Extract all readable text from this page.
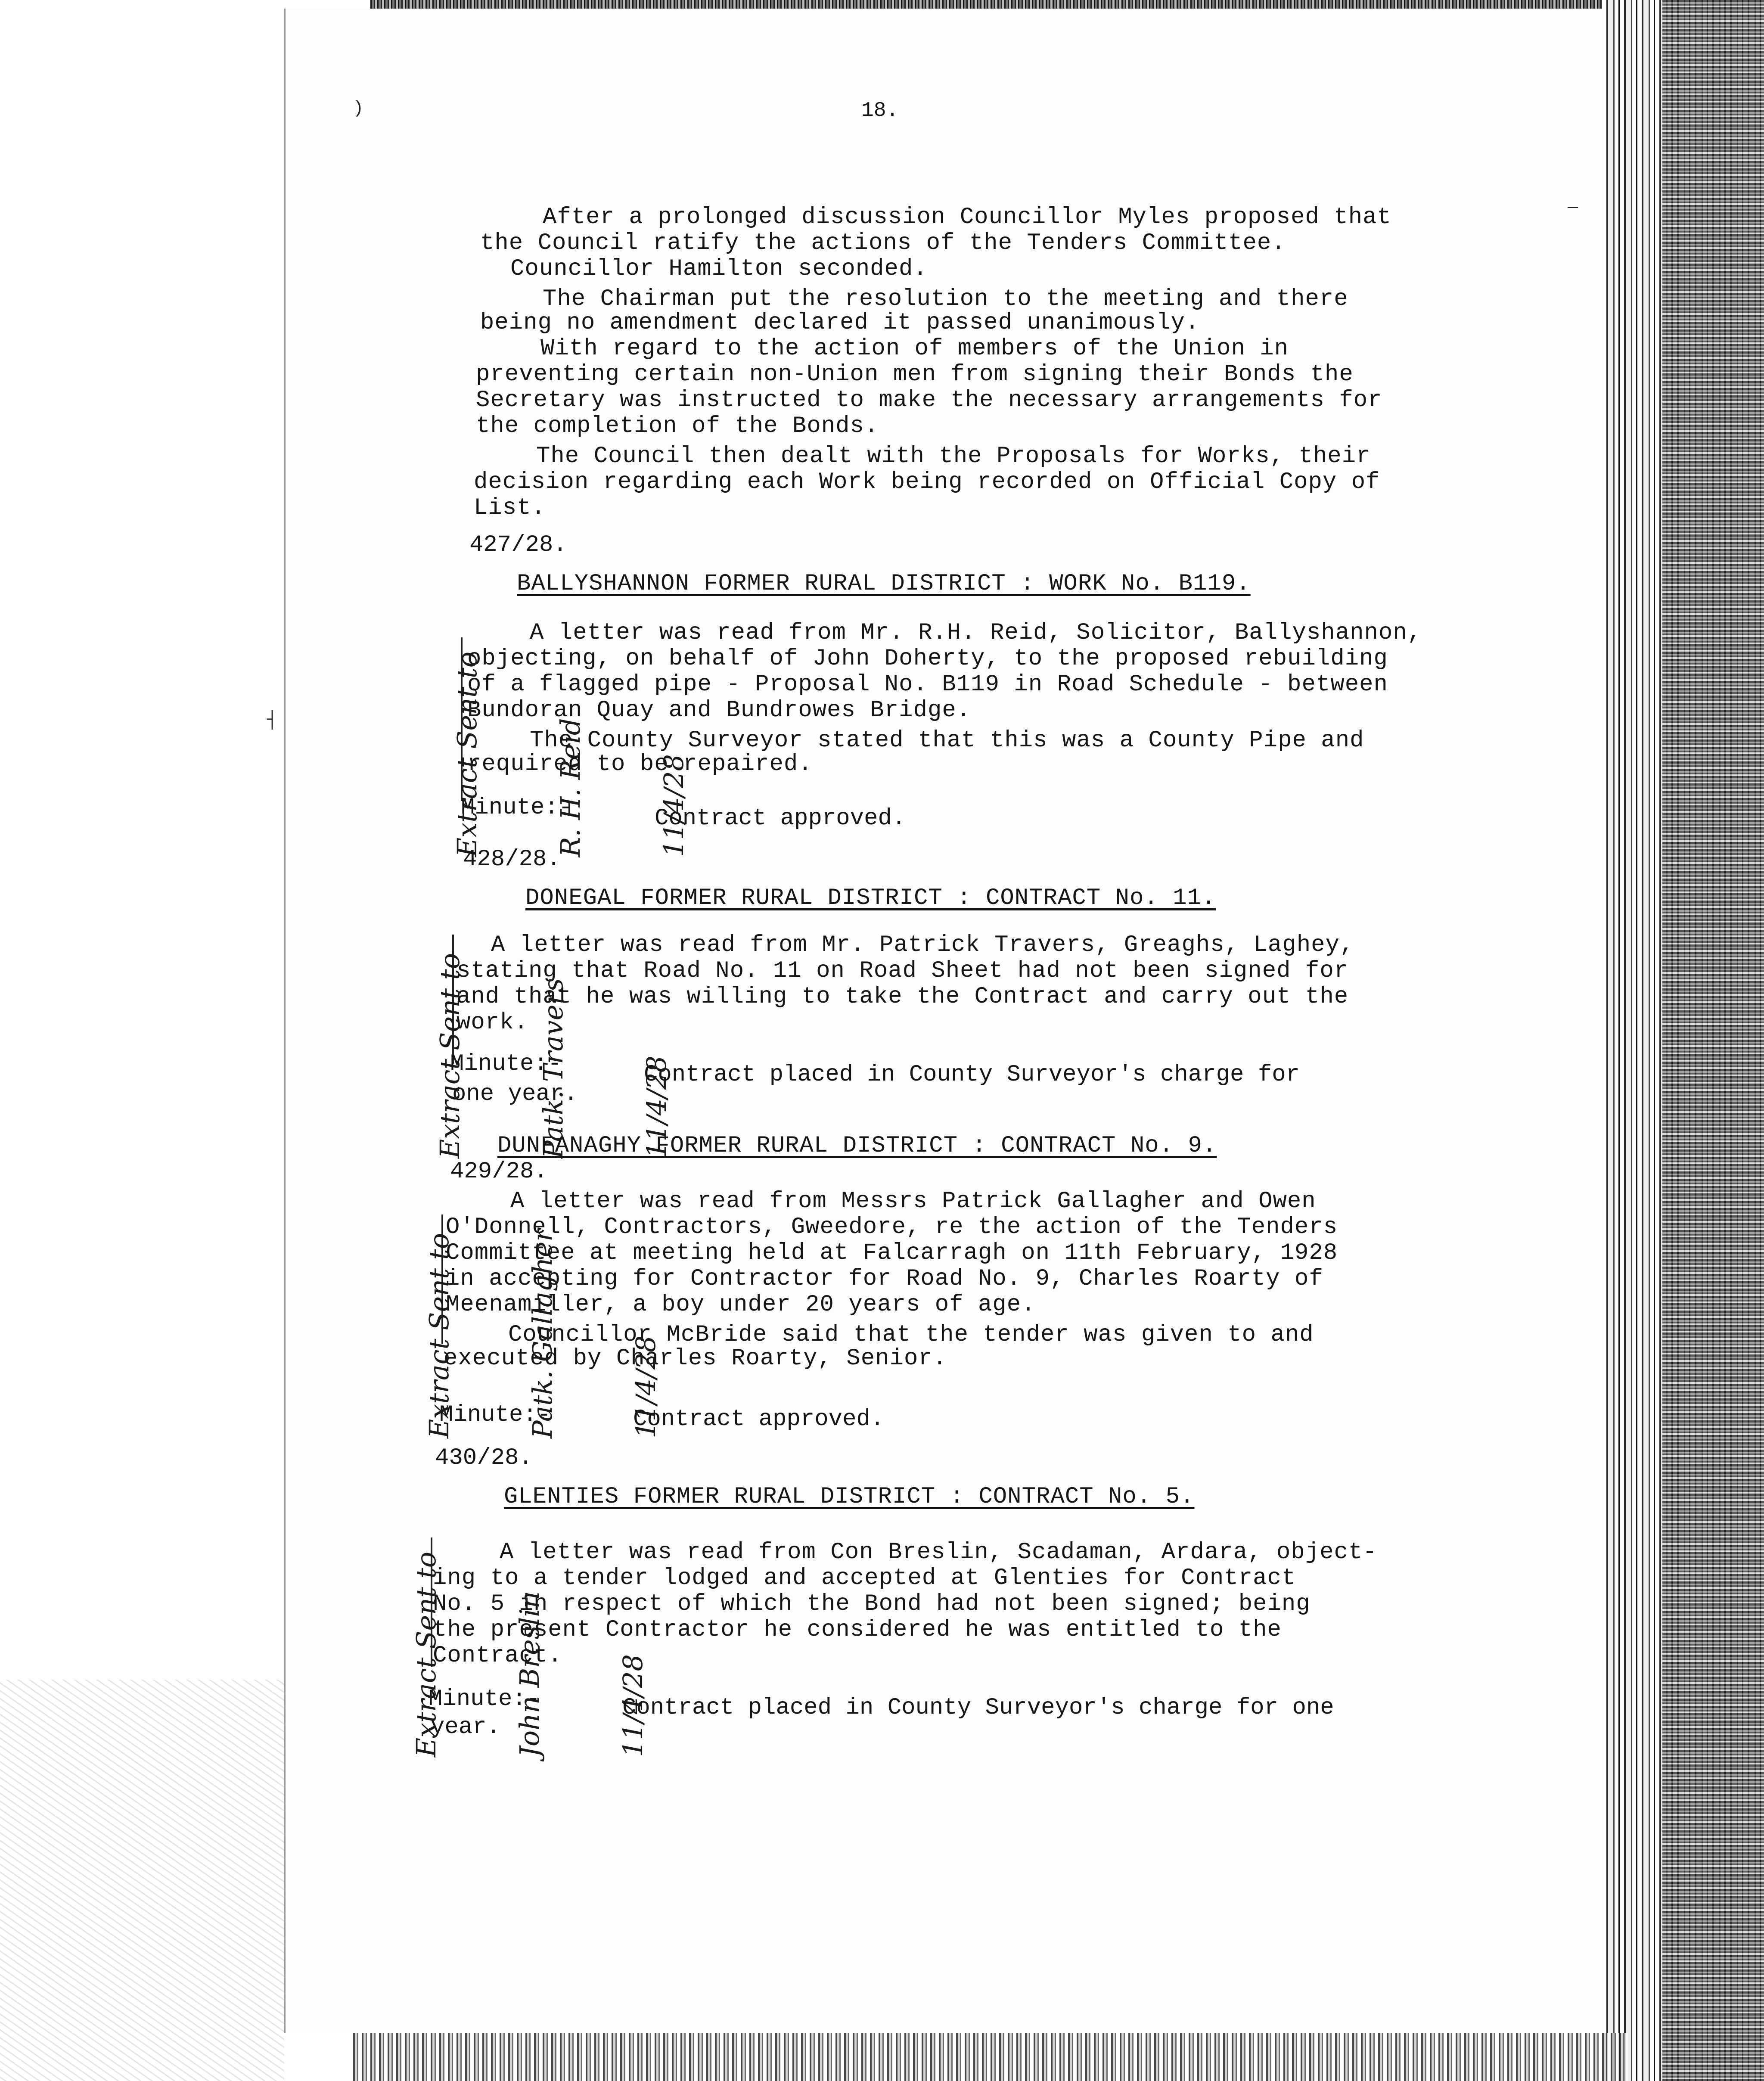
)
—
┤
18.
After a prolonged discussion Councillor Myles proposed that
the Council ratify the actions of the Tenders Committee.
Councillor Hamilton seconded.
The Chairman put the resolution to the meeting and there
being no amendment declared it passed unanimously.
With regard to the action of members of the Union in
preventing certain non-Union men from signing their Bonds the
Secretary was instructed to make the necessary arrangements for
the completion of the Bonds.
The Council then dealt with the Proposals for Works, their
decision regarding each Work being recorded on Official Copy of
List.
427/28.
BALLYSHANNON FORMER RURAL DISTRICT : WORK No. B119.
A letter was read from Mr. R.H. Reid, Solicitor, Ballyshannon,
objecting, on behalf of John Doherty, to the proposed rebuilding
of a flagged pipe - Proposal No. B119 in Road Schedule - between
Bundoran Quay and Bundrowes Bridge.
The County Surveyor stated that this was a County Pipe and
required to be repaired.
Minute:-	Contract approved.

Extract Sent to

	R. H. Reid

	11/4/28

428/28.
DONEGAL FORMER RURAL DISTRICT : CONTRACT No. 11.
A letter was read from Mr. Patrick Travers, Greaghs, Laghey,
stating that Road No. 11 on Road Sheet had not been signed for
and that he was willing to take the Contract and carry out the
work.
Minute:-	Contract placed in County Surveyor's charge for
one year.

Extract Sent to

	Patk. Travers

	11/4/28

DUNFANAGHY FORMER RURAL DISTRICT : CONTRACT No. 9.
429/28.
A letter was read from Messrs Patrick Gallagher and Owen
O'Donnell, Contractors, Gweedore, re the action of the Tenders
Committee at meeting held at Falcarragh on 11th February, 1928
in accepting for Contractor for Road No. 9, Charles Roarty of
Meenamiller, a boy under 20 years of age.
Councillor McBride said that the tender was given to and
executed by Charles Roarty, Senior.
Minute:-	Contract approved.

Extract Sent to

	Patk. Gallagher

	11/4/28

430/28.
GLENTIES FORMER RURAL DISTRICT : CONTRACT No. 5.
A letter was read from Con Breslin, Scadaman, Ardara, object-
ing to a tender lodged and accepted at Glenties for Contract
No. 5 in respect of which the Bond had not been signed; being
the present Contractor he considered he was entitled to the
Contract.
Minute:-	Contract placed in County Surveyor's charge for one
year.

Extract Sent to

	John Breslin

	11/4/28
